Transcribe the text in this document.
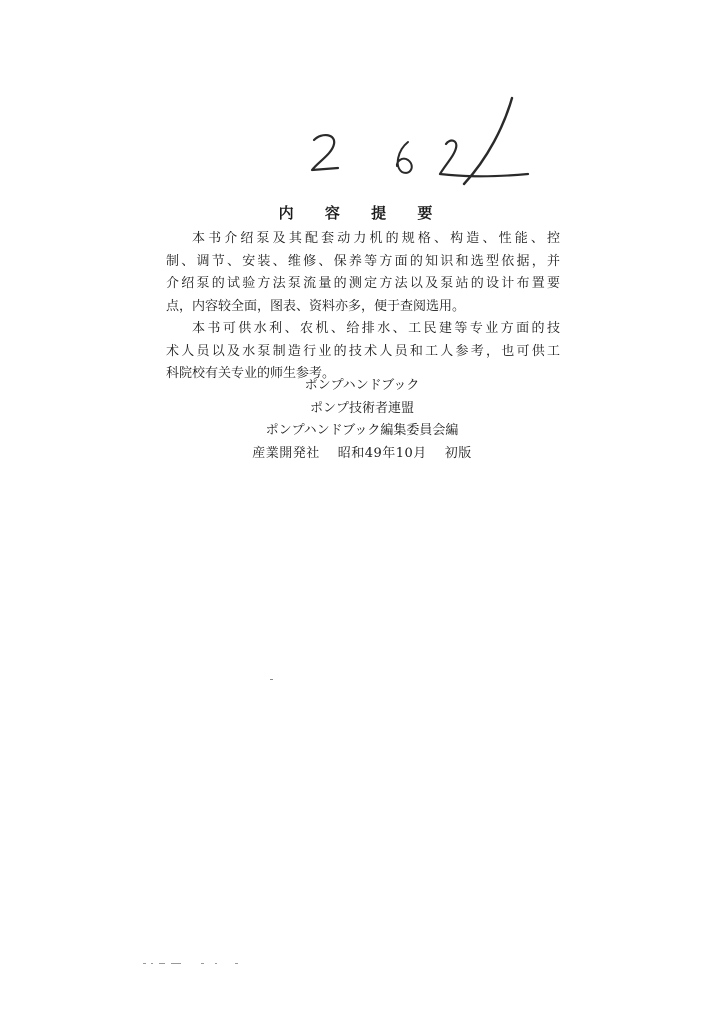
内 容 提 要
本书介绍泵及其配套动力机的规格、构造、性能、控
制、调节、安装、维修、保养等方面的知识和选型依据，并
介绍泵的试验方法泵流量的测定方法以及泵站的设计布置要
点，内容较全面，图表、资料亦多，便于查阅选用。
本书可供水利、农机、给排水、工民建等专业方面的技
术人员以及水泵制造行业的技术人员和工人参考，也可供工
科院校有关专业的师生参考。
ポンプハンドブック
ポンプ技術者連盟
ポンプハンドブック編集委員会編
産業開発社 昭和49年10月 初版
